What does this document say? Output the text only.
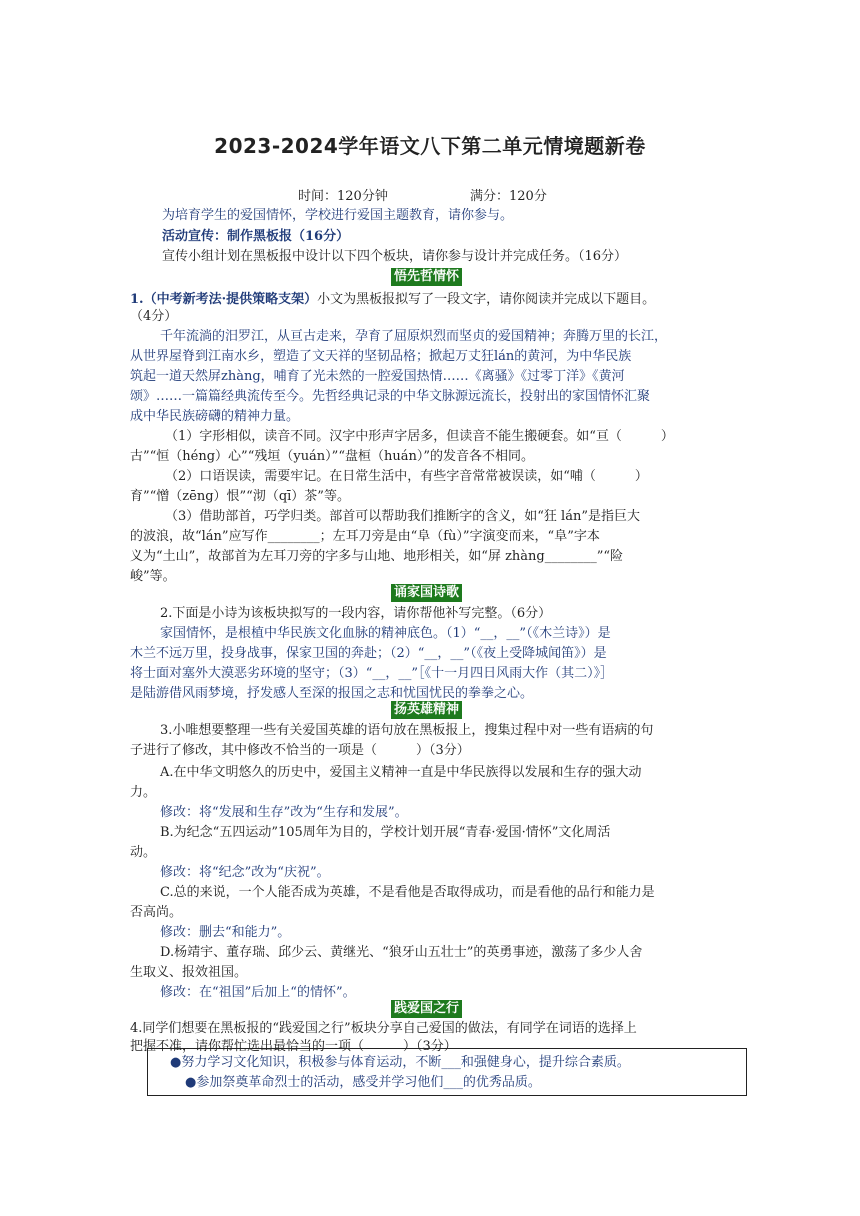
2023-2024学年语文八下第二单元情境题新卷
时间：120分钟	满分：120分
为培育学生的爱国情怀，学校进行爱国主题教育，请你参与。
活动宣传：制作黑板报（16分）
宣传小组计划在黑板报中设计以下四个板块，请你参与设计并完成任务。（16分）
悟先哲情怀
1.（中考新考法·提供策略支架）小文为黑板报拟写了一段文字，请你阅读并完成以下题目。
（4分）
千年流淌的汨罗江，从亘古走来，孕育了屈原炽烈而坚贞的爱国精神；奔腾万里的长江，
从世界屋脊到江南水乡，塑造了文天祥的坚韧品格；掀起万丈狂lán的黄河，为中华民族
筑起一道天然屏zhàng，哺育了光未然的一腔爱国热情……《离骚》《过零丁洋》《黄河
颂》……一篇篇经典流传至今。先哲经典记录的中华文脉源远流长，投射出的家国情怀汇聚
成中华民族磅礴的精神力量。
（1）字形相似，读音不同。汉字中形声字居多，但读音不能生搬硬套。如“亘（　　　）
古”“恒（héng）心”“残垣（yuán）”“盘桓（huán）”的发音各不相同。
（2）口语误读，需要牢记。在日常生活中，有些字音常常被误读，如“哺（　　　）
育”“憎（zēng）恨”“沏（qī）茶”等。
（3）借助部首，巧学归类。部首可以帮助我们推断字的含义，如“狂 lán”是指巨大
的波浪，故“lán”应写作________；左耳刀旁是由“阜（fù）”字演变而来，“阜”字本
义为“土山”，故部首为左耳刀旁的字多与山地、地形相关，如“屏 zhàng________”“险
峻”等。
诵家国诗歌
2.下面是小诗为该板块拟写的一段内容，请你帮他补写完整。（6分）
家国情怀，是根植中华民族文化血脉的精神底色。（1）“__，__”（《木兰诗》）是
木兰不远万里，投身战事，保家卫国的奔赴；（2）“__，__”（《夜上受降城闻笛》）是
将士面对塞外大漠恶劣环境的坚守；（3）“__，__”［《十一月四日风雨大作（其二）》］
是陆游借风雨梦境，抒发感人至深的报国之志和忧国忧民的拳拳之心。
扬英雄精神
3.小唯想要整理一些有关爱国英雄的语句放在黑板报上，搜集过程中对一些有语病的句
子进行了修改，其中修改不恰当的一项是（　　　）（3分）
A.在中华文明悠久的历史中，爱国主义精神一直是中华民族得以发展和生存的强大动
力。
修改：将“发展和生存”改为“生存和发展”。
B.为纪念“五四运动”105周年为目的，学校计划开展“青春·爱国·情怀”文化周活
动。
修改：将“纪念”改为“庆祝”。
C.总的来说，一个人能否成为英雄，不是看他是否取得成功，而是看他的品行和能力是
否高尚。
修改：删去“和能力”。
D.杨靖宇、董存瑞、邱少云、黄继光、“狼牙山五壮士”的英勇事迹，激荡了多少人舍
生取义、报效祖国。
修改：在“祖国”后加上“的情怀”。
践爱国之行
4.同学们想要在黑板报的“践爱国之行”板块分享自己爱国的做法，有同学在词语的选择上
把握不准，请你帮忙选出最恰当的一项（　　　）（3分）
●努力学习文化知识，积极参与体育运动，不断___和强健身心，提升综合素质。
●参加祭奠革命烈士的活动，感受并学习他们___的优秀品质。
